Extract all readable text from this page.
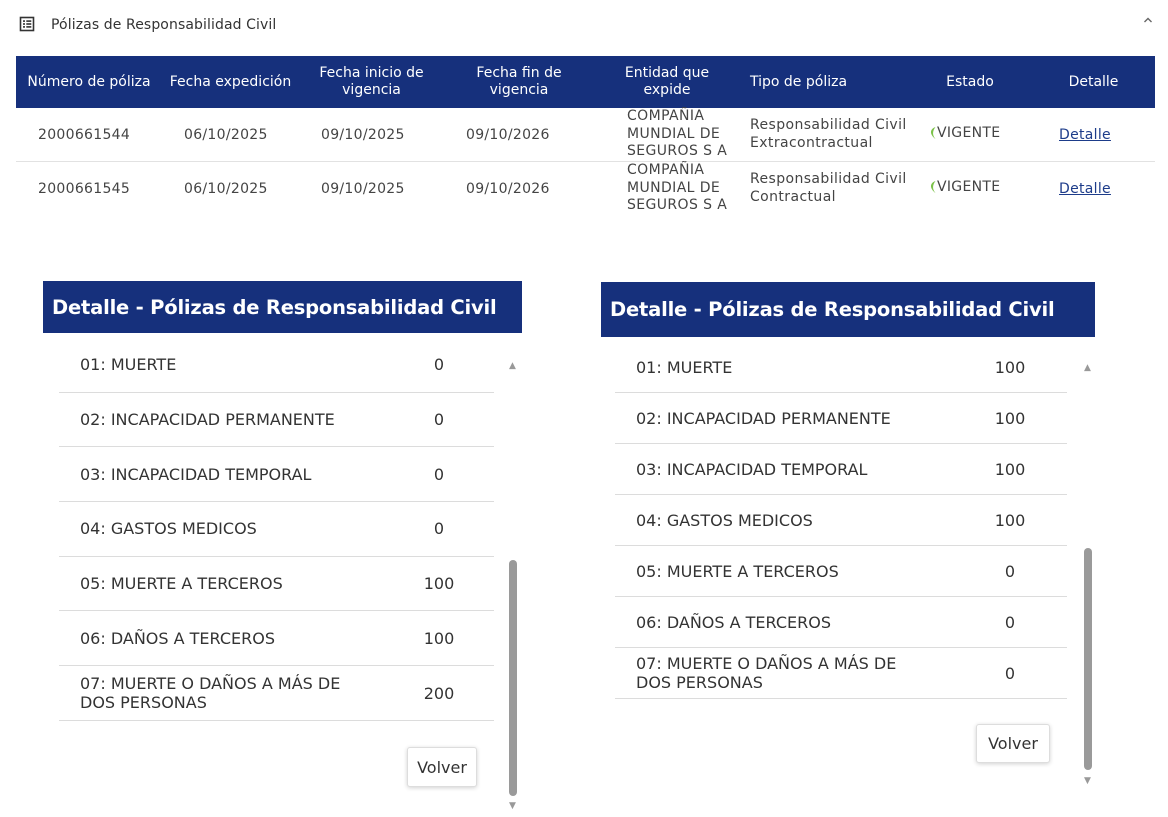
Pólizas de Responsabilidad Civil
Número de póliza	Fecha expedición	Fecha inicio de vigencia	Fecha fin de vigencia	Entidad que expide	Tipo de póliza	Estado	Detalle
2000661544	06/10/2025	09/10/2025	09/10/2026	COMPAÑIA MUNDIAL DE SEGUROS S A	Responsabilidad Civil Extracontractual	VIGENTE	Detalle
2000661545	06/10/2025	09/10/2025	09/10/2026	COMPAÑIA MUNDIAL DE SEGUROS S A	Responsabilidad Civil Contractual	VIGENTE	Detalle
Detalle - Pólizas de Responsabilidad Civil
01: MUERTE	0
02: INCAPACIDAD PERMANENTE	0
03: INCAPACIDAD TEMPORAL	0
04: GASTOS MEDICOS	0
05: MUERTE A TERCEROS	100
06: DAÑOS A TERCEROS	100
07: MUERTE O DAÑOS A MÁS DE DOS PERSONAS	200
▲
▼
Volver
Detalle - Pólizas de Responsabilidad Civil
01: MUERTE	100
02: INCAPACIDAD PERMANENTE	100
03: INCAPACIDAD TEMPORAL	100
04: GASTOS MEDICOS	100
05: MUERTE A TERCEROS	0
06: DAÑOS A TERCEROS	0
07: MUERTE O DAÑOS A MÁS DE DOS PERSONAS	0
▲
▼
Volver
